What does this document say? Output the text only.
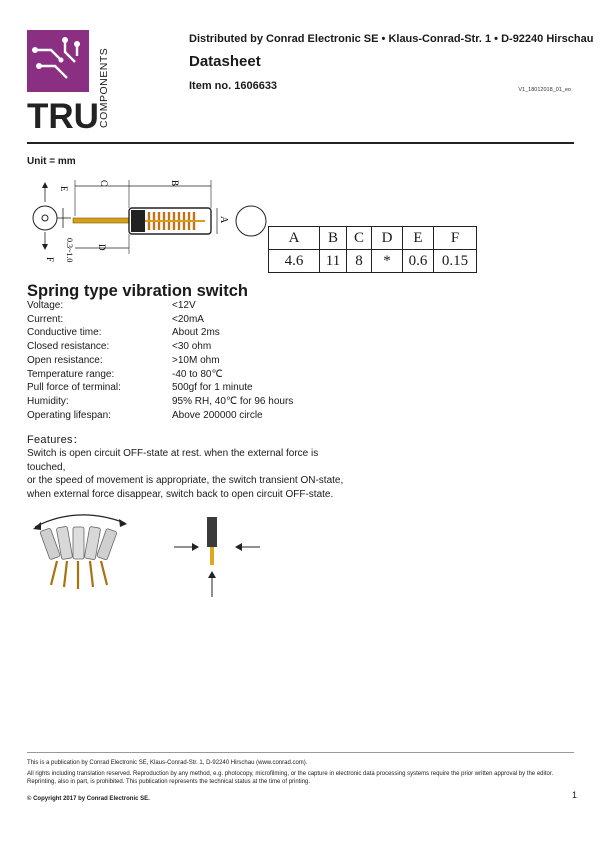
TRU COMPONENTS
Distributed by Conrad Electronic SE • Klaus-Conrad-Str. 1 • D-92240 Hirschau
Datasheet
Item no. 1606633	V1_18012018_01_eo
Unit = mm
E
F
C	B
D
0.3~1.0
A
A	B	C	D	E	F
4.6	11	8	*	0.6	0.15
Spring type vibration switch
Voltage:	<12V
Current:	<20mA
Conductive time:	About 2ms
Closed resistance:	<30 ohm
Open resistance:	>10M ohm
Temperature range:	-40 to 80℃
Pull force of terminal:	500gf for 1 minute
Humidity:	95% RH, 40℃ for 96 hours
Operating lifespan:	Above 200000 circle
Features：
Switch is open circuit OFF-state at rest. when the external force is touched,
or the speed of movement is appropriate, the switch transient ON-state,
when external force disappear, switch back to open circuit OFF-state.

This is a publication by Conrad Electronic SE, Klaus-Conrad-Str. 1, D-92240 Hirschau (www.conrad.com).

All rights including translation reserved. Reproduction by any method, e.g. photocopy, microfilming, or the capture in electronic data processing systems require the prior written approval by the editor. Reprinting, also in part, is prohibited. This publication represents the technical status at the time of printing.

© Copyright 2017 by Conrad Electronic SE.	1
